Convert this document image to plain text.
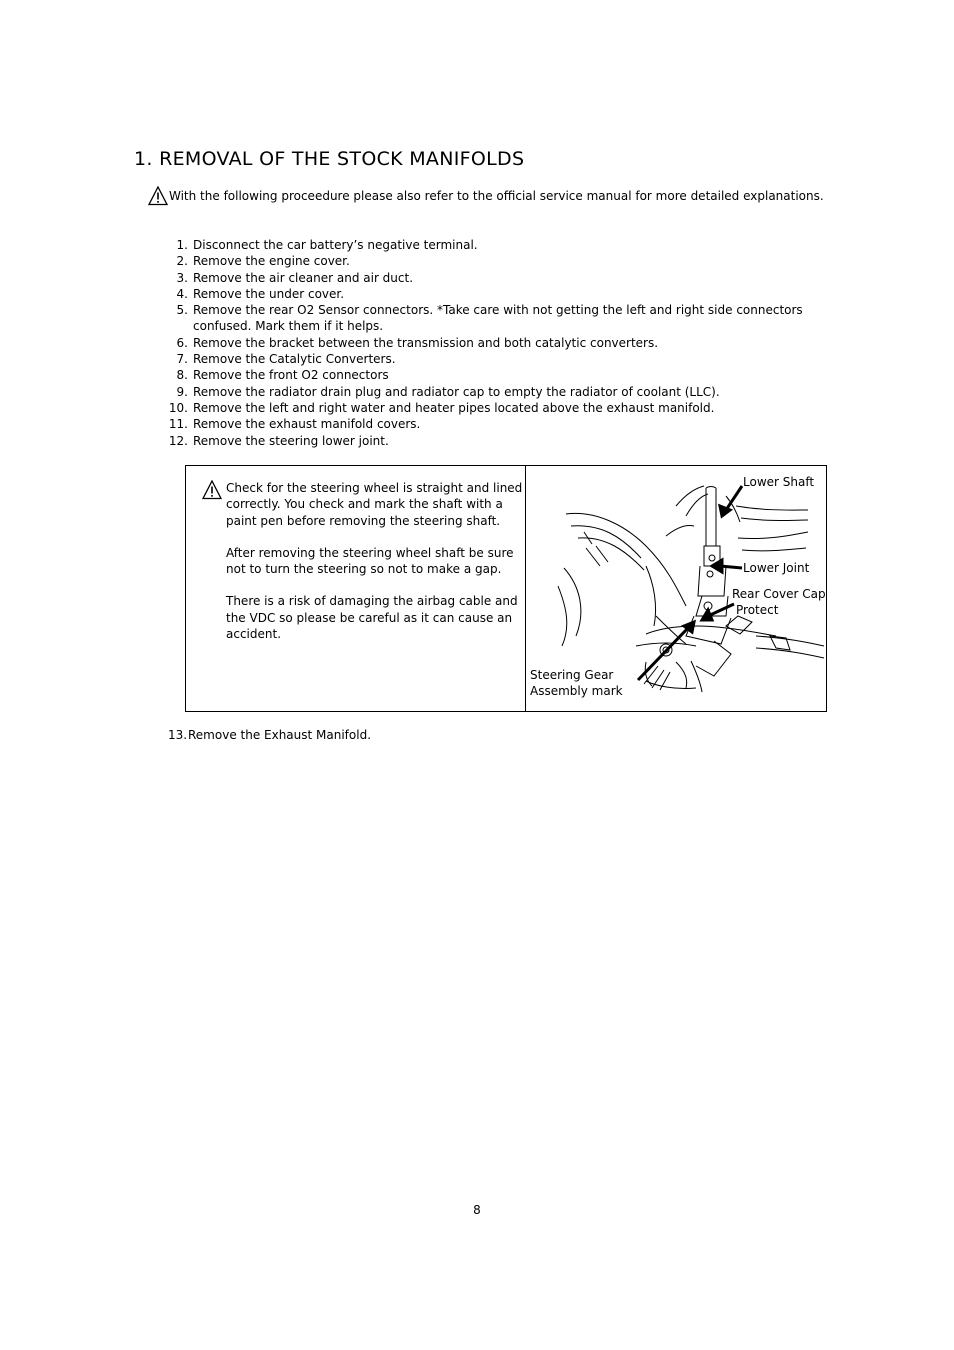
1. REMOVAL OF THE STOCK MANIFOLDS
With the following proceedure please also refer to the official service manual for more detailed explanations.
1. Disconnect the car battery’s negative terminal.
2. Remove the engine cover.
3. Remove the air cleaner and air duct.
4. Remove the under cover.
5. Remove the rear O2 Sensor connectors. *Take care with not getting the left and right side connectors confused. Mark them if it helps.
6. Remove the bracket between the transmission and both catalytic converters.
7. Remove the Catalytic Converters.
8. Remove the front O2 connectors
9. Remove the radiator drain plug and radiator cap to empty the radiator of coolant (LLC).
10. Remove the left and right water and heater pipes located above the exhaust manifold.
11. Remove the exhaust manifold covers.
12. Remove the steering lower joint.
Check for the steering wheel is straight and lined correctly. You check and mark the shaft with a paint pen before removing the steering shaft.
After removing the steering wheel shaft be sure not to turn the steering so not to make a gap.
There is a risk of damaging the airbag cable and the VDC so please be careful as it can cause an accident.
Lower Shaft
Lower Joint
Rear Cover Cap
Protect
Steering Gear
Assembly mark
13. Remove the Exhaust Manifold.
8
